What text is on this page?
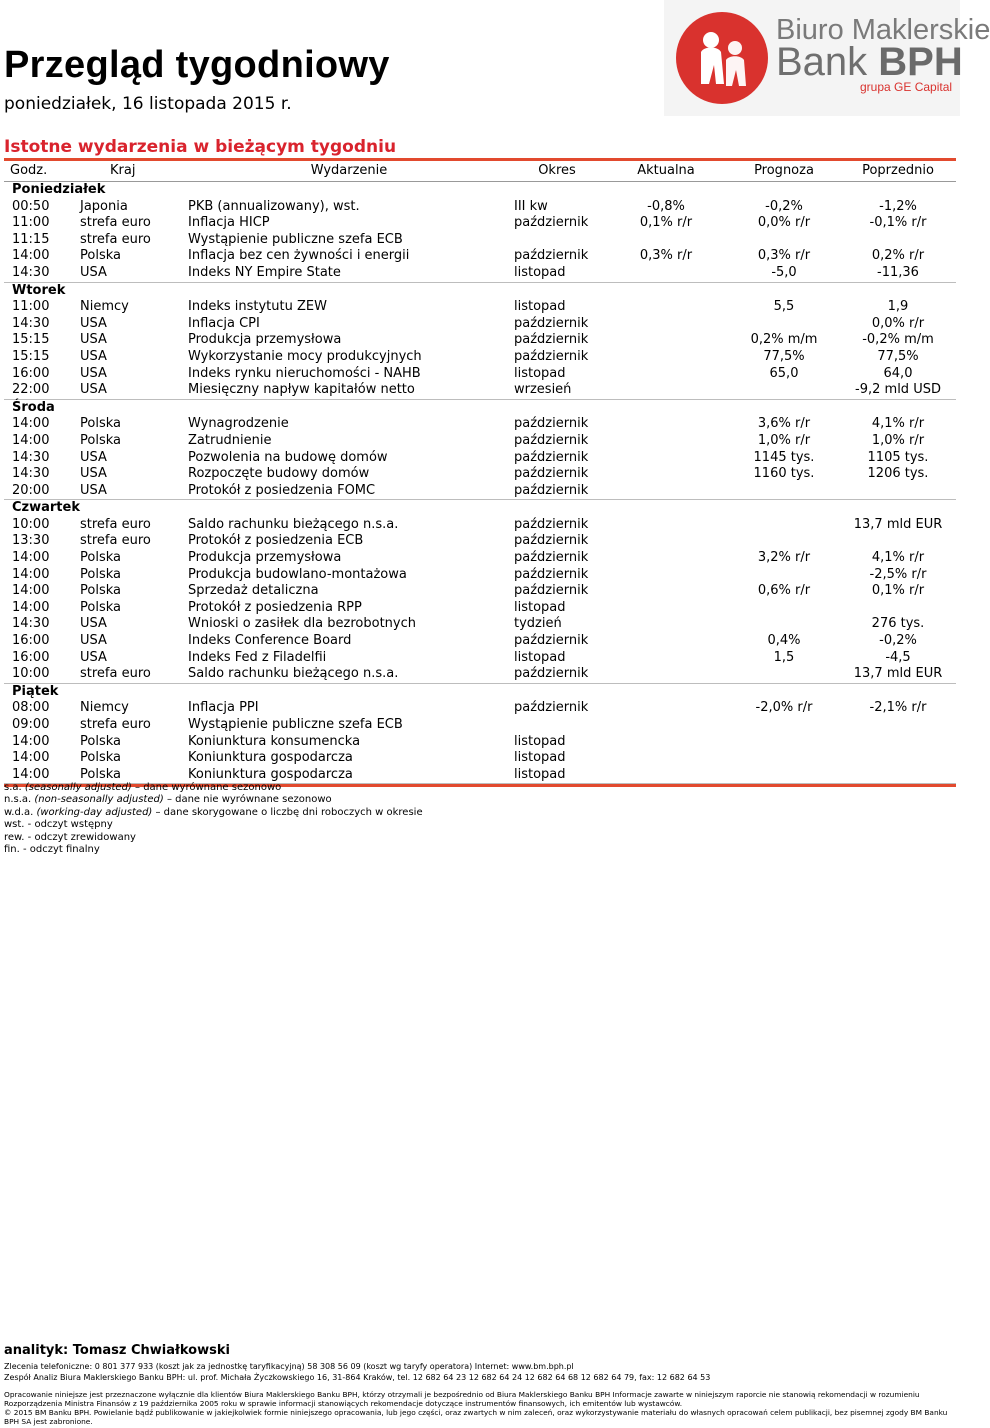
Przegląd tygodniowy
poniedziałek, 16 listopada 2015 r.
Biuro Maklerskie
Bank BPH
grupa GE Capital
Istotne wydarzenia w bieżącym tygodniu
Godz.	Kraj	Wydarzenie	Okres	Aktualna	Prognoza	Poprzednio
Poniedziałek						
00:50	Japonia	PKB (annualizowany), wst.	III kw	-0,8%	-0,2%	-1,2%
11:00	strefa euro	Inflacja HICP	październik	0,1% r/r	0,0% r/r	-0,1% r/r
11:15	strefa euro	Wystąpienie publiczne szefa ECB				
14:00	Polska	Inflacja bez cen żywności i energii	październik	0,3% r/r	0,3% r/r	0,2% r/r
14:30	USA	Indeks NY Empire State	listopad		-5,0	-11,36
Wtorek						
11:00	Niemcy	Indeks instytutu ZEW	listopad		5,5	1,9
14:30	USA	Inflacja CPI	październik			0,0% r/r
15:15	USA	Produkcja przemysłowa	październik		0,2% m/m	-0,2% m/m
15:15	USA	Wykorzystanie mocy produkcyjnych	październik		77,5%	77,5%
16:00	USA	Indeks rynku nieruchomości - NAHB	listopad		65,0	64,0
22:00	USA	Miesięczny napływ kapitałów netto	wrzesień			-9,2 mld USD
Środa						
14:00	Polska	Wynagrodzenie	październik		3,6% r/r	4,1% r/r
14:00	Polska	Zatrudnienie	październik		1,0% r/r	1,0% r/r
14:30	USA	Pozwolenia na budowę domów	październik		1145 tys.	1105 tys.
14:30	USA	Rozpoczęte budowy domów	październik		1160 tys.	1206 tys.
20:00	USA	Protokół z posiedzenia FOMC	październik			
Czwartek						
10:00	strefa euro	Saldo rachunku bieżącego n.s.a.	październik			13,7 mld EUR
13:30	strefa euro	Protokół z posiedzenia ECB	październik			
14:00	Polska	Produkcja przemysłowa	październik		3,2% r/r	4,1% r/r
14:00	Polska	Produkcja budowlano-montażowa	październik			-2,5% r/r
14:00	Polska	Sprzedaż detaliczna	październik		0,6% r/r	0,1% r/r
14:00	Polska	Protokół z posiedzenia RPP	listopad			
14:30	USA	Wnioski o zasiłek dla bezrobotnych	tydzień			276 tys.
16:00	USA	Indeks Conference Board	październik		0,4%	-0,2%
16:00	USA	Indeks Fed z Filadelfii	listopad		1,5	-4,5
10:00	strefa euro	Saldo rachunku bieżącego n.s.a.	październik			13,7 mld EUR
Piątek						
08:00	Niemcy	Inflacja PPI	październik		-2,0% r/r	-2,1% r/r
09:00	strefa euro	Wystąpienie publiczne szefa ECB				
14:00	Polska	Koniunktura konsumencka	listopad			
14:00	Polska	Koniunktura gospodarcza	listopad			
14:00	Polska	Koniunktura gospodarcza	listopad			
s.a. (seasonally adjusted) – dane wyrównane sezonowo
n.s.a. (non-seasonally adjusted) – dane nie wyrównane sezonowo
w.d.a. (working-day adjusted) – dane skorygowane o liczbę dni roboczych w okresie
wst. - odczyt wstępny
rew. - odczyt zrewidowany
fin. - odczyt finalny
analityk: Tomasz Chwiałkowski
Zlecenia telefoniczne: 0 801 377 933 (koszt jak za jednostkę taryfikacyjną) 58 308 56 09 (koszt wg taryfy operatora) Internet: www.bm.bph.pl
Zespół Analiz Biura Maklerskiego Banku BPH: ul. prof. Michała Życzkowskiego 16, 31-864 Kraków, tel. 12 682 64 23 12 682 64 24 12 682 64 68 12 682 64 79, fax: 12 682 64 53
Opracowanie niniejsze jest przeznaczone wyłącznie dla klientów Biura Maklerskiego Banku BPH, którzy otrzymali je bezpośrednio od Biura Maklerskiego Banku BPH Informacje zawarte w niniejszym raporcie nie stanowią rekomendacji w rozumieniu Rozporządzenia Ministra Finansów z 19 października 2005 roku w sprawie informacji stanowiących rekomendacje dotyczące instrumentów finansowych, ich emitentów lub wystawców.
© 2015 BM Banku BPH. Powielanie bądź publikowanie w jakiejkolwiek formie niniejszego opracowania, lub jego części, oraz zwartych w nim zaleceń, oraz wykorzystywanie materiału do własnych opracowań celem publikacji, bez pisemnej zgody BM Banku BPH SA jest zabronione.
